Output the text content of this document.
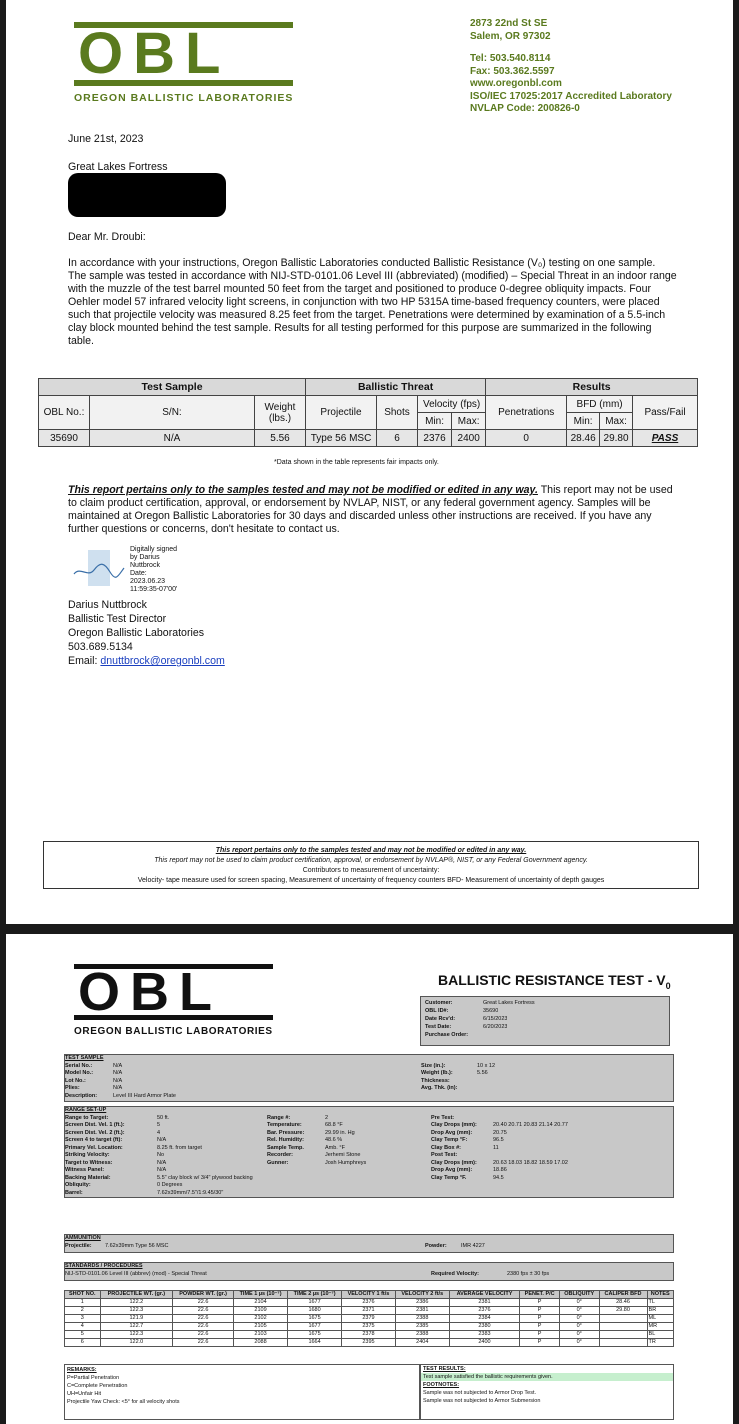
OBL
OREGON BALLISTIC LABORATORIES
2873 22nd St SE
Salem, OR 97302
Tel: 503.540.8114
Fax: 503.362.5597
www.oregonbl.com
ISO/IEC 17025:2017 Accredited Laboratory
NVLAP Code: 200826-0
June 21st, 2023
Great Lakes Fortress
Dear Mr. Droubi:

In accordance with your instructions, Oregon Ballistic Laboratories conducted Ballistic Resistance (V₀) testing on one sample.

The sample was tested in accordance with NIJ-STD-0101.06 Level III (abbreviated) (modified) – Special Threat in an indoor range with the muzzle of the test barrel mounted 50 feet from the target and positioned to produce 0-degree obliquity impacts. Four Oehler model 57 infrared velocity light screens, in conjunction with two HP 5315A time-based frequency counters, were placed such that projectile velocity was measured 8.25 feet from the target. Penetrations were determined by examination of a 5.5-inch clay block mounted behind the test sample. Results for all testing performed for this purpose are summarized in the following table.

Test Sample			Ballistic Threat				Results			
OBL No.:	S/N:	Weight (lbs.)	Projectile	Shots	Velocity (fps)		Penetrations	BFD (mm)		Pass/Fail
					Min:	Max:		Min:	Max:	
35690	N/A	5.56	Type 56 MSC	6	2376	2400	0	28.46	29.80	PASS
*Data shown in the table represents fair impacts only.
This report pertains only to the samples tested and may not be modified or edited in any way. This report may not be used to claim product certification, approval, or endorsement by NVLAP, NIST, or any federal government agency. Samples will be maintained at Oregon Ballistic Laboratories for 30 days and discarded unless other instructions are received. If you have any further questions or concerns, don't hesitate to contact us.
Digitally signed
by Darius
Nuttbrock
Date:
2023.06.23
11:59:35-07'00'
Darius Nuttbrock
Ballistic Test Director
Oregon Ballistic Laboratories
503.689.5134
Email: dnuttbrock@oregonbl.com
This report pertains only to the samples tested and may not be modified or edited in any way.
This report may not be used to claim product certification, approval, or endorsement by NVLAP®, NIST, or any Federal Government agency.
Contributors to measurement of uncertainty:
Velocity- tape measure used for screen spacing, Measurement of uncertainty of frequency counters BFD- Measurement of uncertainty of depth gauges
OBL
OREGON BALLISTIC LABORATORIES
BALLISTIC RESISTANCE TEST - $V_0$
Customer:	Great Lakes Fortress
OBL ID#:	35690
Date Rcv'd:	6/15/2023
Test Date:	6/20/2023
Purchase Order:
TEST SAMPLE
Serial No.:	N/A	Size (in.):	10 x 12
Model No.:	N/A	Weight (lb.):	5.56
Lot No.:	N/A	Thickness:
Plies:	N/A	Avg. Thk. (in):
Description:	Level III Hard Armor Plate
RANGE SET-UP
Range to Target:	50 ft.	Range #:	2	Pre Test:
Screen Dist. Vel. 1 (ft.):	5	Temperature:	68.8 °F	Clay Drops (mm):	20.40 20.71 20.83 21.14 20.77
Screen Dist. Vel. 2 (ft.):	4	Bar. Pressure:	29.99 in. Hg	Drop Avg (mm):	20.75
Screen 4 to target (ft):	N/A	Rel. Humidity:	48.6 %	Clay Temp °F:	96.5
Primary Vel. Location:	8.25 ft. from target	Sample Temp.	Amb. °F	Clay Box #:	11
Striking Velocity:	No	Recorder:	Jerhemi Stone	Post Test:
Target to Witness:	N/A	Gunner:	Josh Humphreys	Clay Drops (mm):	20.63 18.03 18.82 18.59 17.02
Witness Panel:	N/A	Drop Avg (mm):	18.86
Backing Material:	5.5" clay block w/ 3/4" plywood backing	Clay Temp °F.	94.5
Obliquity:	0 Degrees
Barrel:	7.62x39mm/7.5"/1:9.45/30"
AMMUNITION
Projectile:	7.62x39mm Type 56 MSC	Powder:	IMR 4227
STANDARDS / PROCEDURES
NIJ-STD-0101.06 Level III (abbrev) (mod) - Special Threat	Required Velocity:	2380 fps ± 30 fps
SHOT NO.	PROJECTILE WT. (gr.)	POWDER WT. (gr.)	TIME 1 µs (10⁻⁷)	TIME 2 µs (10⁻⁷)	VELOCITY 1 ft/s	VELOCITY 2 ft/s	AVERAGE VELOCITY	PENET. P/C	OBLIQUITY	CALIPER BFD	NOTES
1	122.2	22.6	2104	1677	2376	2386	2381	P	0°	28.46	TL
2	122.3	22.6	2109	1680	2371	2381	2376	P	0°	29.80	BR
3	121.9	22.6	2102	1675	2379	2388	2384	P	0°		ML
4	122.7	22.6	2105	1677	2375	2385	2380	P	0°		MR
5	122.3	22.6	2103	1675	2378	2388	2383	P	0°		BL
6	122.0	22.6	2088	1664	2395	2404	2400	P	0°		TR
REMARKS:
P=Partial Penetration
C=Complete Penetration
UH=Unfair Hit
Projectile Yaw Check: <5° for all velocity shots
TEST RESULTS:
Test sample satisfied the ballistic requirements given.
FOOTNOTES:
Sample was not subjected to Armor Drop Test.
Sample was not subjected to Armor Submersion
